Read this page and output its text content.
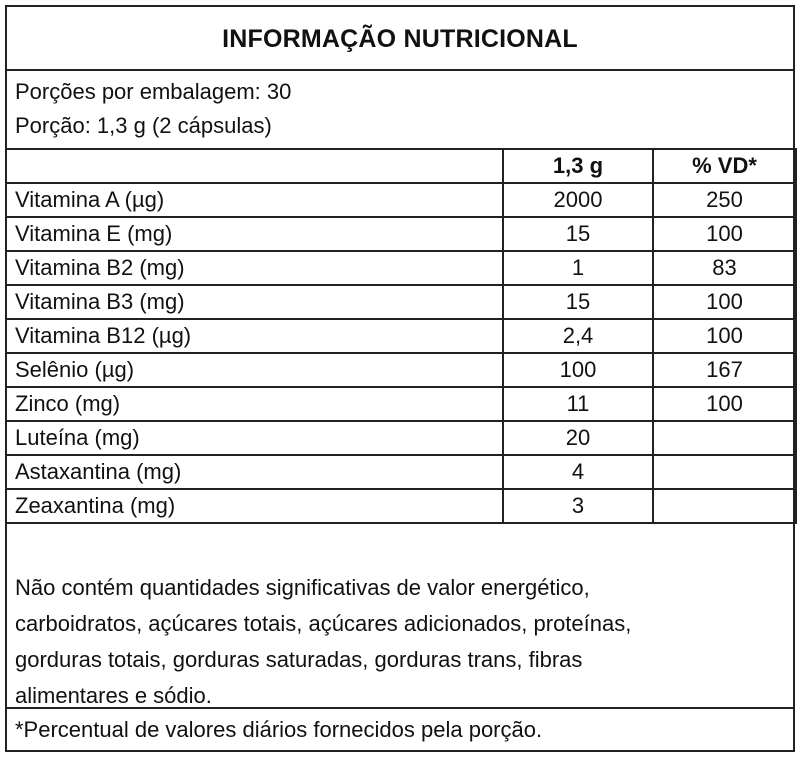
INFORMAÇÃO NUTRICIONAL
Porções por embalagem: 30
Porção: 1,3 g (2 cápsulas)
	1,3 g	% VD*
Vitamina A (µg)	2000	250
Vitamina E (mg)	15	100
Vitamina B2 (mg)	1	83
Vitamina B3 (mg)	15	100
Vitamina B12 (µg)	2,4	100
Selênio (µg)	100	167
Zinco (mg)	11	100
Luteína (mg)	20	
Astaxantina (mg)	4	
Zeaxantina (mg)	3	
Não contém quantidades significativas de valor energético,
carboidratos, açúcares totais, açúcares adicionados, proteínas,
gorduras totais, gorduras saturadas, gorduras trans, fibras
alimentares e sódio.
*Percentual de valores diários fornecidos pela porção.
